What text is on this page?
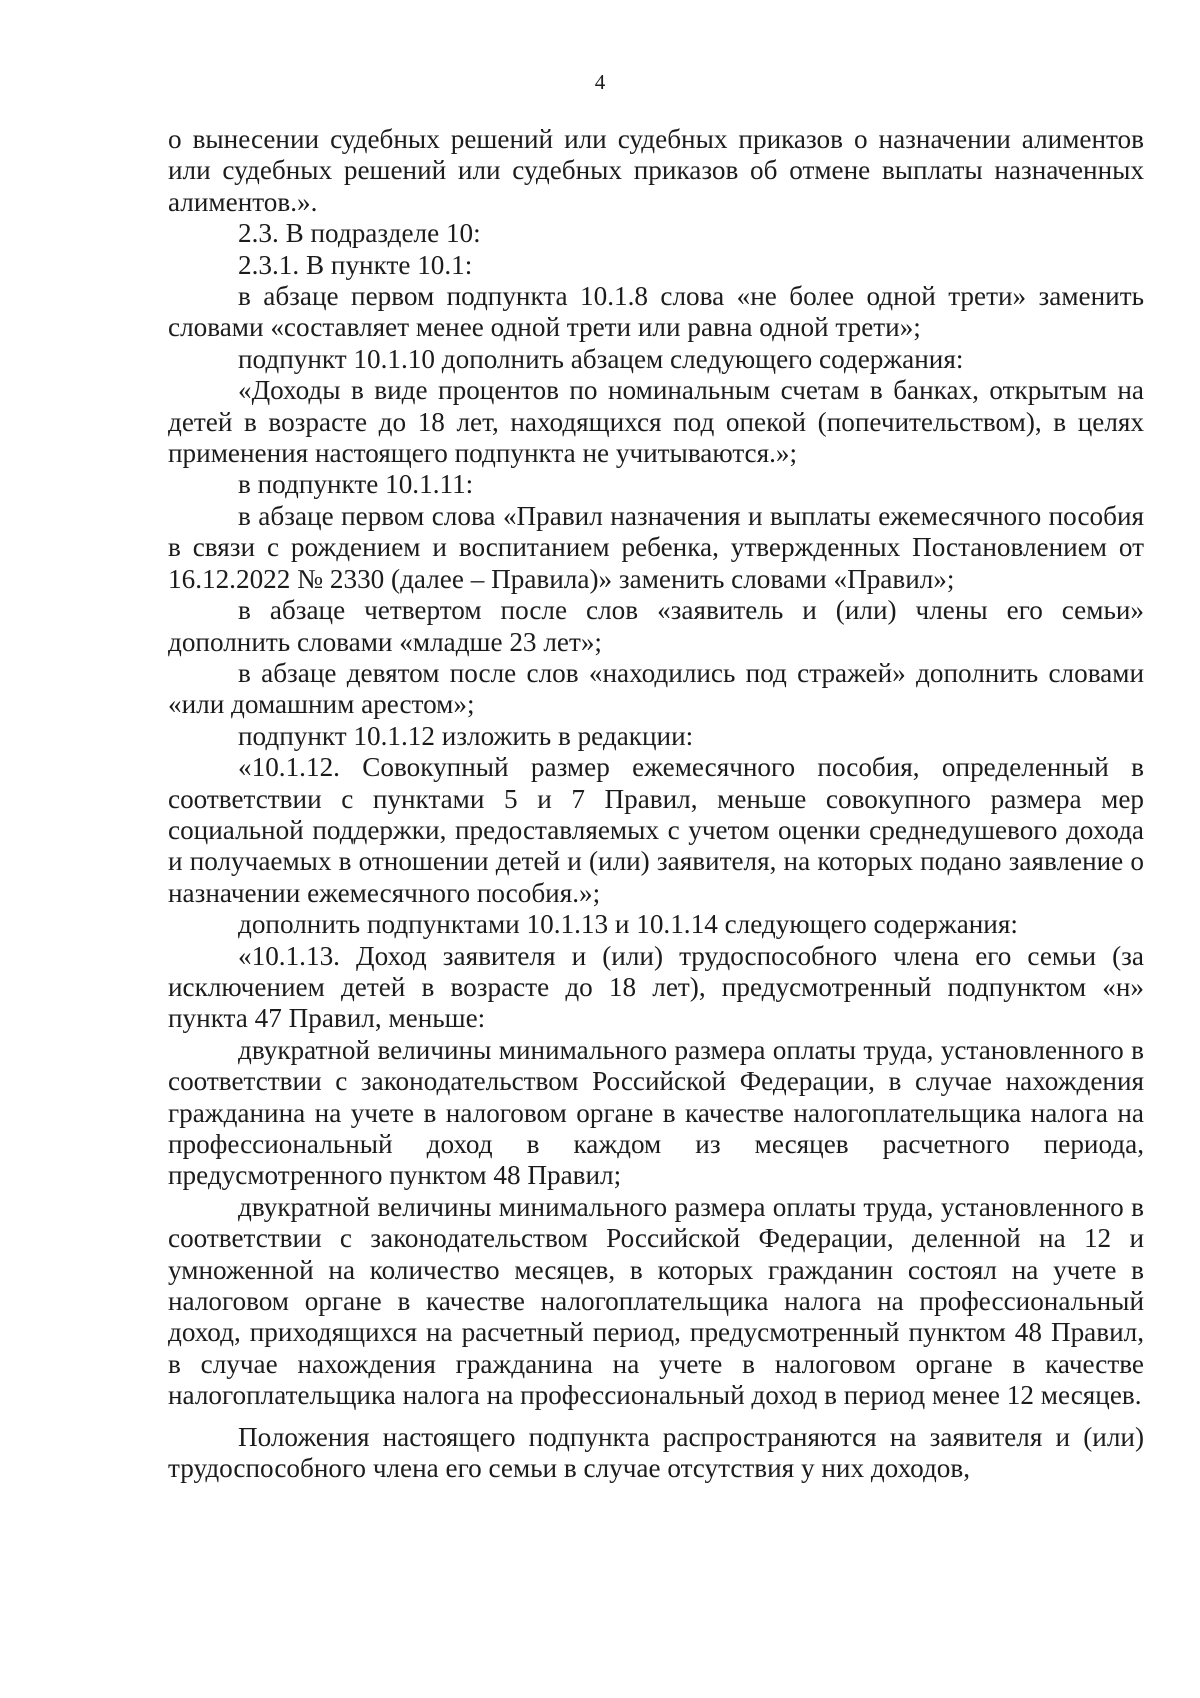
4

о вынесении судебных решений или судебных приказов о назначении алиментов или судебных решений или судебных приказов об отмене выплаты назначенных алиментов.».

2.3. В подразделе 10:

2.3.1. В пункте 10.1:

в абзаце первом подпункта 10.1.8 слова «не более одной трети» заменить словами «составляет менее одной трети или равна одной трети»;

подпункт 10.1.10 дополнить абзацем следующего содержания:

«Доходы в виде процентов по номинальным счетам в банках, открытым на детей в возрасте до 18 лет, находящихся под опекой (попечительством), в целях применения настоящего подпункта не учитываются.»;

в подпункте 10.1.11:

в абзаце первом слова «Правил назначения и выплаты ежемесячного пособия в связи с рождением и воспитанием ребенка, утвержденных Постановлением от 16.12.2022 № 2330 (далее – Правила)» заменить словами «Правил»;

в абзаце четвертом после слов «заявитель и (или) члены его семьи» дополнить словами «младше 23 лет»;

в абзаце девятом после слов «находились под стражей» дополнить словами «или домашним арестом»;

подпункт 10.1.12 изложить в редакции:

«10.1.12. Совокупный размер ежемесячного пособия, определенный в соответствии с пунктами 5 и 7 Правил, меньше совокупного размера мер социальной поддержки, предоставляемых с учетом оценки среднедушевого дохода и получаемых в отношении детей и (или) заявителя, на которых подано заявление о назначении ежемесячного пособия.»;

дополнить подпунктами 10.1.13 и 10.1.14 следующего содержания:

«10.1.13. Доход заявителя и (или) трудоспособного члена его семьи (за исключением детей в возрасте до 18 лет), предусмотренный подпунктом «н» пункта 47 Правил, меньше:

двукратной величины минимального размера оплаты труда, установленного в соответствии с законодательством Российской Федерации, в случае нахождения гражданина на учете в налоговом органе в качестве налогоплательщика налога на профессиональный доход в каждом из месяцев расчетного периода, предусмотренного пунктом 48 Правил;

двукратной величины минимального размера оплаты труда, установленного в соответствии с законодательством Российской Федерации, деленной на 12 и умноженной на количество месяцев, в которых гражданин состоял на учете в налоговом органе в качестве налогоплательщика налога на профессиональный доход, приходящихся на расчетный период, предусмотренный пунктом 48 Правил, в случае нахождения гражданина на учете в налоговом органе в качестве налогоплательщика налога на профессиональный доход в период менее 12 месяцев.

Положения настоящего подпункта распространяются на заявителя и (или) трудоспособного члена его семьи в случае отсутствия у них доходов,
